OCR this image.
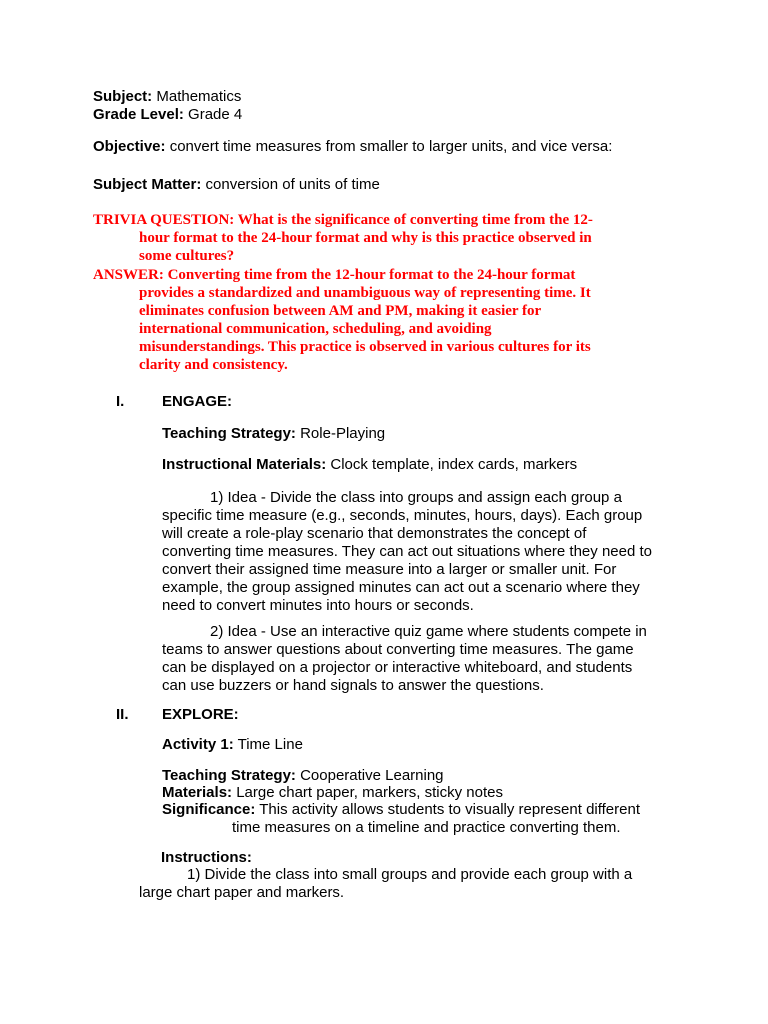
Subject: Mathematics
Grade Level: Grade 4
Objective: convert time measures from smaller to larger units, and vice versa:
Subject Matter: conversion of units of time
TRIVIA QUESTION: What is the significance of converting time from the 12-
hour format to the 24-hour format and why is this practice observed in
some cultures?
ANSWER: Converting time from the 12-hour format to the 24-hour format
provides a standardized and unambiguous way of representing time. It
eliminates confusion between AM and PM, making it easier for
international communication, scheduling, and avoiding
misunderstandings. This practice is observed in various cultures for its
clarity and consistency.
I.	ENGAGE:
Teaching Strategy: Role-Playing
Instructional Materials: Clock template, index cards, markers
1) Idea - Divide the class into groups and assign each group a
specific time measure (e.g., seconds, minutes, hours, days). Each group
will create a role-play scenario that demonstrates the concept of
converting time measures. They can act out situations where they need to
convert their assigned time measure into a larger or smaller unit. For
example, the group assigned minutes can act out a scenario where they
need to convert minutes into hours or seconds.
2) Idea - Use an interactive quiz game where students compete in
teams to answer questions about converting time measures. The game
can be displayed on a projector or interactive whiteboard, and students
can use buzzers or hand signals to answer the questions.
II. EXPLORE:
Activity 1: Time Line
Teaching Strategy: Cooperative Learning
Materials: Large chart paper, markers, sticky notes
Significance: This activity allows students to visually represent different
time measures on a timeline and practice converting them.
Instructions:
1) Divide the class into small groups and provide each group with a
large chart paper and markers.
